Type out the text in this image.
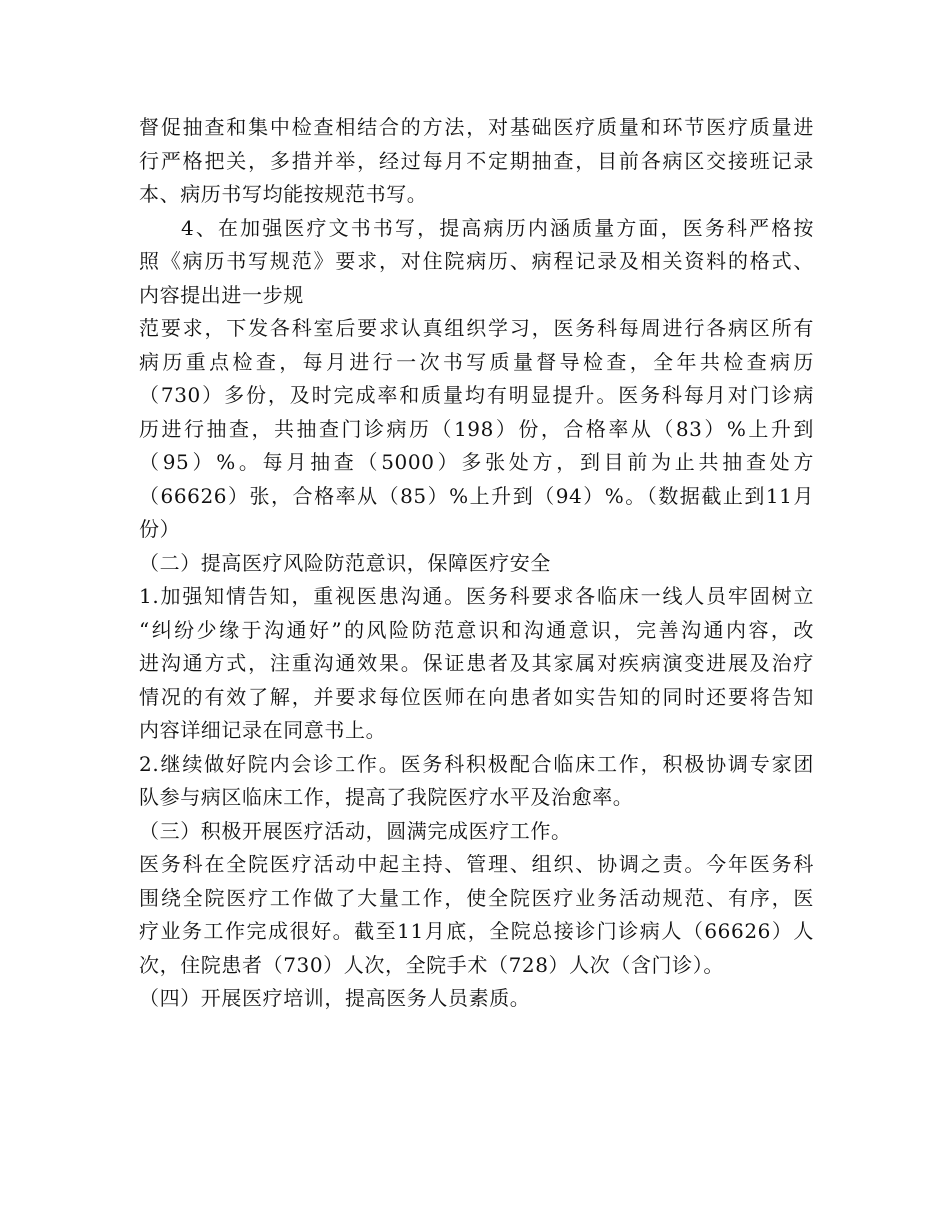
督促抽查和集中检查相结合的方法，对基础医疗质量和环节医疗质量进
行严格把关，多措并举，经过每月不定期抽查，目前各病区交接班记录
本、病历书写均能按规范书写。
4、在加强医疗文书书写，提高病历内涵质量方面，医务科严格按
照《病历书写规范》要求，对住院病历、病程记录及相关资料的格式、
内容提出进一步规
范要求，下发各科室后要求认真组织学习，医务科每周进行各病区所有
病历重点检查，每月进行一次书写质量督导检查，全年共检查病历
（730）多份，及时完成率和质量均有明显提升。医务科每月对门诊病
历进行抽查，共抽查门诊病历（198）份，合格率从（83）%上升到
（95）%。每月抽查（5000）多张处方，到目前为止共抽查处方
（66626）张，合格率从（85）%上升到（94）%。（数据截止到11月
份）
（二）提高医疗风险防范意识，保障医疗安全
1.加强知情告知，重视医患沟通。医务科要求各临床一线人员牢固树立
“纠纷少缘于沟通好”的风险防范意识和沟通意识，完善沟通内容，改
进沟通方式，注重沟通效果。保证患者及其家属对疾病演变进展及治疗
情况的有效了解，并要求每位医师在向患者如实告知的同时还要将告知
内容详细记录在同意书上。
2.继续做好院内会诊工作。医务科积极配合临床工作，积极协调专家团
队参与病区临床工作，提高了我院医疗水平及治愈率。
（三）积极开展医疗活动，圆满完成医疗工作。
医务科在全院医疗活动中起主持、管理、组织、协调之责。今年医务科
围绕全院医疗工作做了大量工作，使全院医疗业务活动规范、有序，医
疗业务工作完成很好。截至11月底，全院总接诊门诊病人（66626）人
次，住院患者（730）人次，全院手术（728）人次（含门诊）。
（四）开展医疗培训，提高医务人员素质。
